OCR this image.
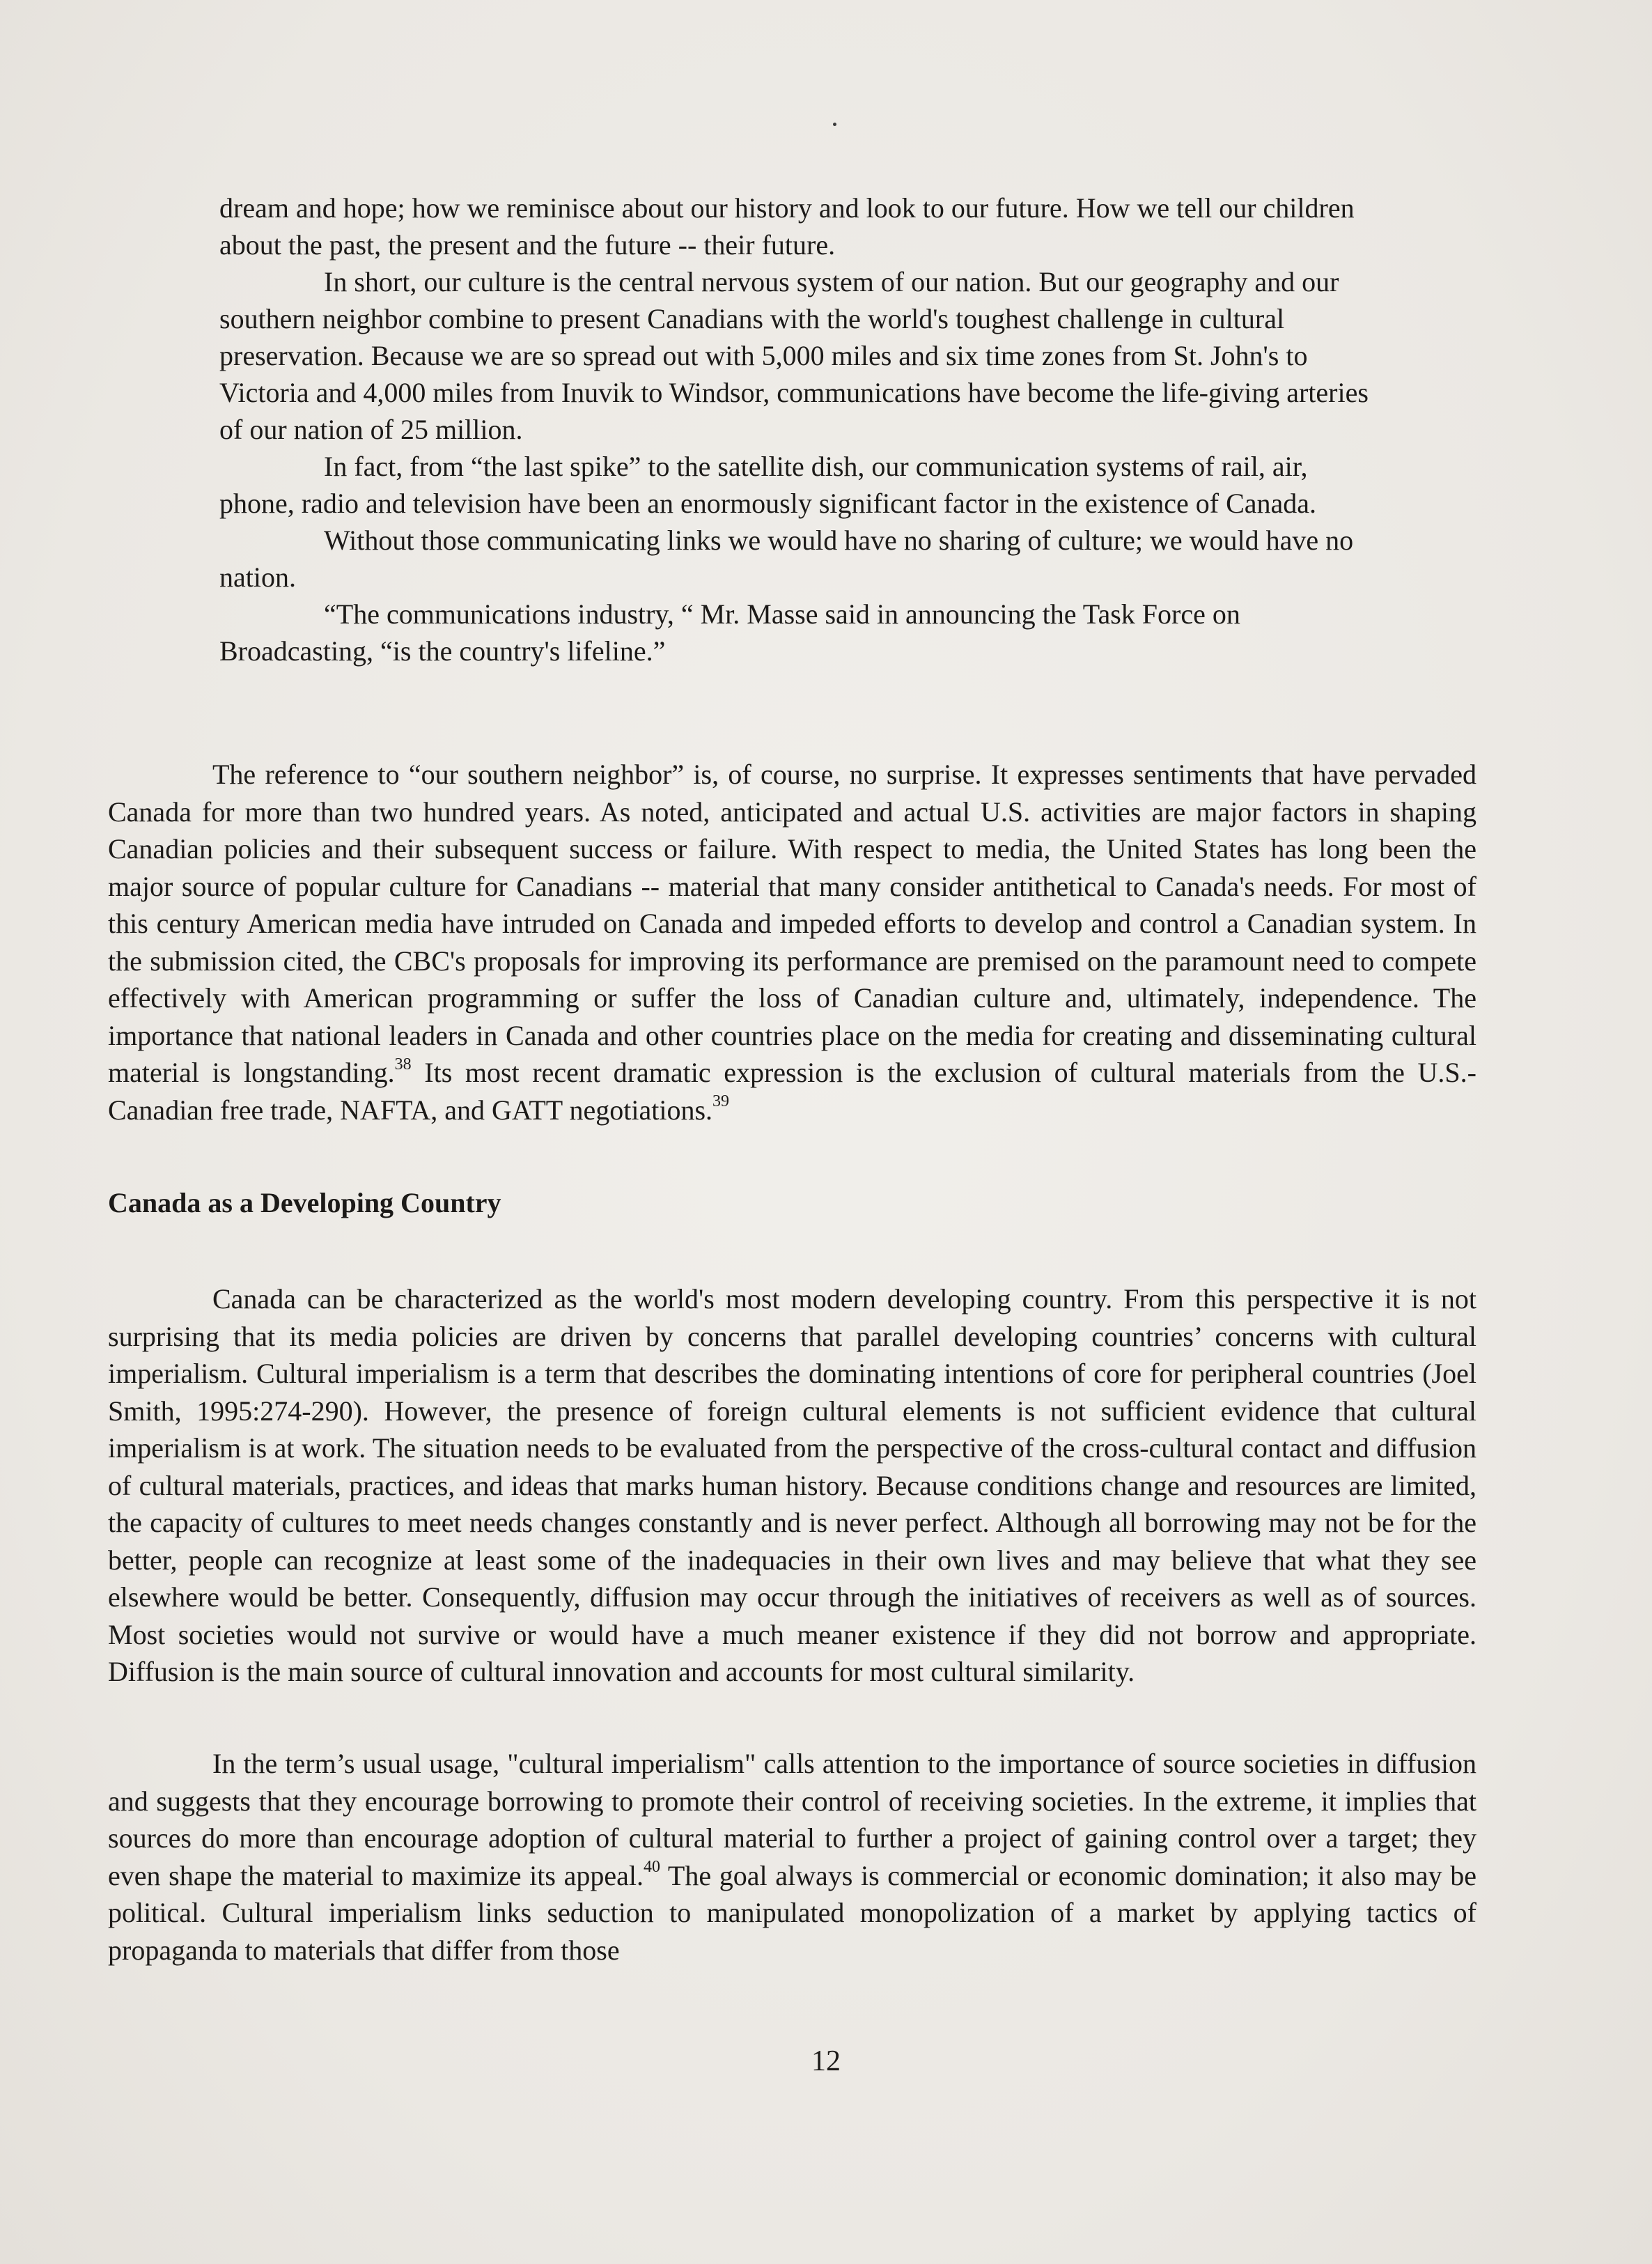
dream and hope; how we reminisce about our history and look to our future. How we tell our children about the past, the present and the future -- their future.

In short, our culture is the central nervous system of our nation. But our geography and our southern neighbor combine to present Canadians with the world's toughest challenge in cultural preservation. Because we are so spread out with 5,000 miles and six time zones from St. John's to Victoria and 4,000 miles from Inuvik to Windsor, communications have become the life-giving arteries of our nation of 25 million.

In fact, from “the last spike” to the satellite dish, our communication systems of rail, air, phone, radio and television have been an enormously significant factor in the existence of Canada.

Without those communicating links we would have no sharing of culture; we would have no nation.

“The communications industry, “ Mr. Masse said in announcing the Task Force on Broadcasting, “is the country's lifeline.”

The reference to “our southern neighbor” is, of course, no surprise. It expresses sentiments that have pervaded Canada for more than two hundred years. As noted, anticipated and actual U.S. activities are major factors in shaping Canadian policies and their subsequent success or failure. With respect to media, the United States has long been the major source of popular culture for Canadians -- material that many consider antithetical to Canada's needs. For most of this century American media have intruded on Canada and impeded efforts to develop and control a Canadian system. In the submission cited, the CBC's proposals for improving its performance are premised on the paramount need to compete effectively with American programming or suffer the loss of Canadian culture and, ultimately, independence. The importance that national leaders in Canada and other countries place on the media for creating and disseminating cultural material is longstanding.$^{38}$ Its most recent dramatic expression is the exclusion of cultural materials from the U.S.-Canadian free trade, NAFTA, and GATT negotiations.$^{39}$

Canada as a Developing Country

Canada can be characterized as the world's most modern developing country. From this perspective it is not surprising that its media policies are driven by concerns that parallel developing countries’ concerns with cultural imperialism. Cultural imperialism is a term that describes the dominating intentions of core for peripheral countries (Joel Smith, 1995:274-290). However, the presence of foreign cultural elements is not sufficient evidence that cultural imperialism is at work. The situation needs to be evaluated from the perspective of the cross-cultural contact and diffusion of cultural materials, practices, and ideas that marks human history. Because conditions change and resources are limited, the capacity of cultures to meet needs changes constantly and is never perfect. Although all borrowing may not be for the better, people can recognize at least some of the inadequacies in their own lives and may believe that what they see elsewhere would be better. Consequently, diffusion may occur through the initiatives of receivers as well as of sources. Most societies would not survive or would have a much meaner existence if they did not borrow and appropriate. Diffusion is the main source of cultural innovation and accounts for most cultural similarity.

In the term’s usual usage, "cultural imperialism" calls attention to the importance of source societies in diffusion and suggests that they encourage borrowing to promote their control of receiving societies. In the extreme, it implies that sources do more than encourage adoption of cultural material to further a project of gaining control over a target; they even shape the material to maximize its appeal.$^{40}$ The goal always is commercial or economic domination; it also may be political. Cultural imperialism links seduction to manipulated monopolization of a market by applying tactics of propaganda to materials that differ from those

12
